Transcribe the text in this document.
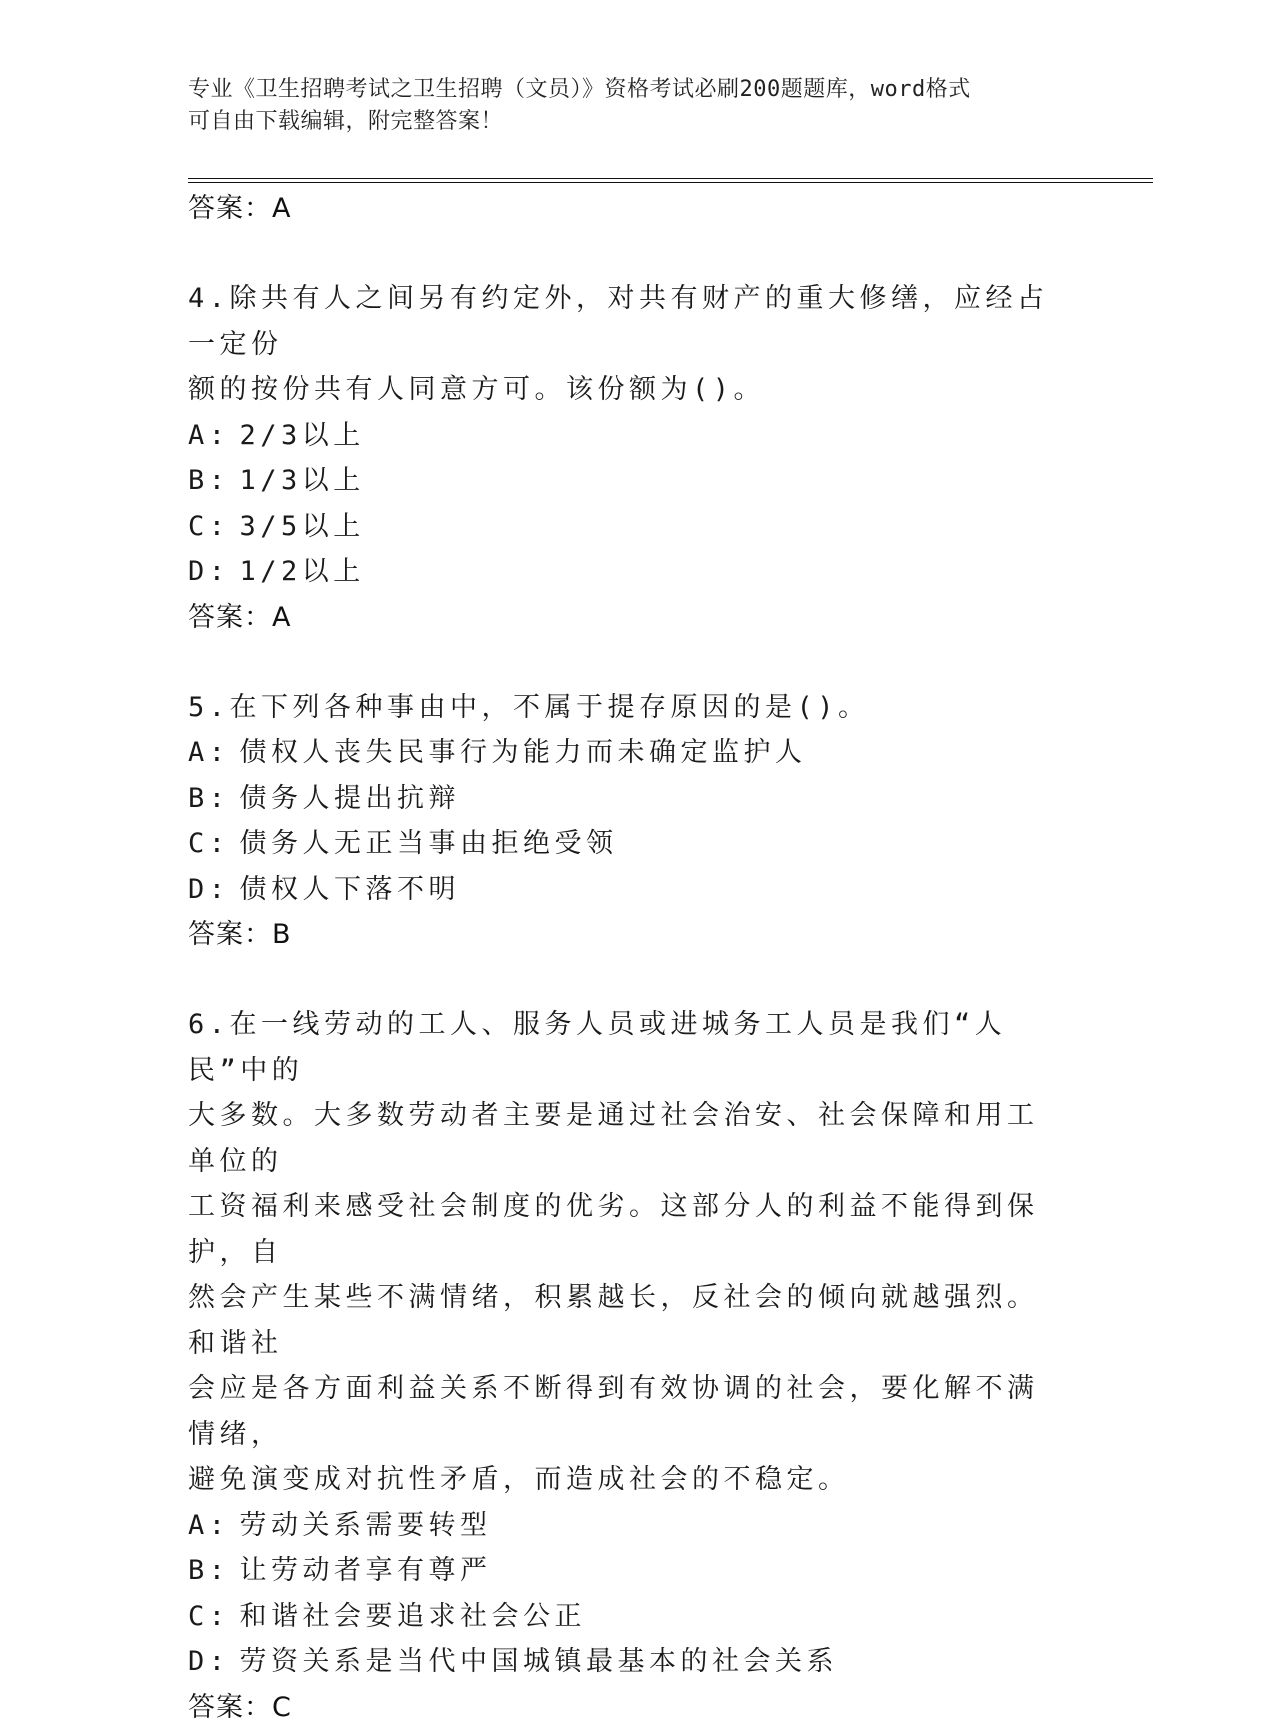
专业《卫生招聘考试之卫生招聘（文员）》资格考试必刷200题题库，word格式
可自由下载编辑，附完整答案！
答案：A
4.除共有人之间另有约定外，对共有财产的重大修缮，应经占一定份
额的按份共有人同意方可。该份额为()。
A: 2/3以上
B: 1/3以上
C: 3/5以上
D: 1/2以上
答案：A
5.在下列各种事由中，不属于提存原因的是()。
A: 债权人丧失民事行为能力而未确定监护人
B: 债务人提出抗辩
C: 债务人无正当事由拒绝受领
D: 债权人下落不明
答案：B
6.在一线劳动的工人、服务人员或进城务工人员是我们“人民”中的
大多数。大多数劳动者主要是通过社会治安、社会保障和用工单位的
工资福利来感受社会制度的优劣。这部分人的利益不能得到保护，自
然会产生某些不满情绪，积累越长，反社会的倾向就越强烈。和谐社
会应是各方面利益关系不断得到有效协调的社会，要化解不满情绪，
避免演变成对抗性矛盾，而造成社会的不稳定。
A: 劳动关系需要转型
B: 让劳动者享有尊严
C: 和谐社会要追求社会公正
D: 劳资关系是当代中国城镇最基本的社会关系
答案：C
